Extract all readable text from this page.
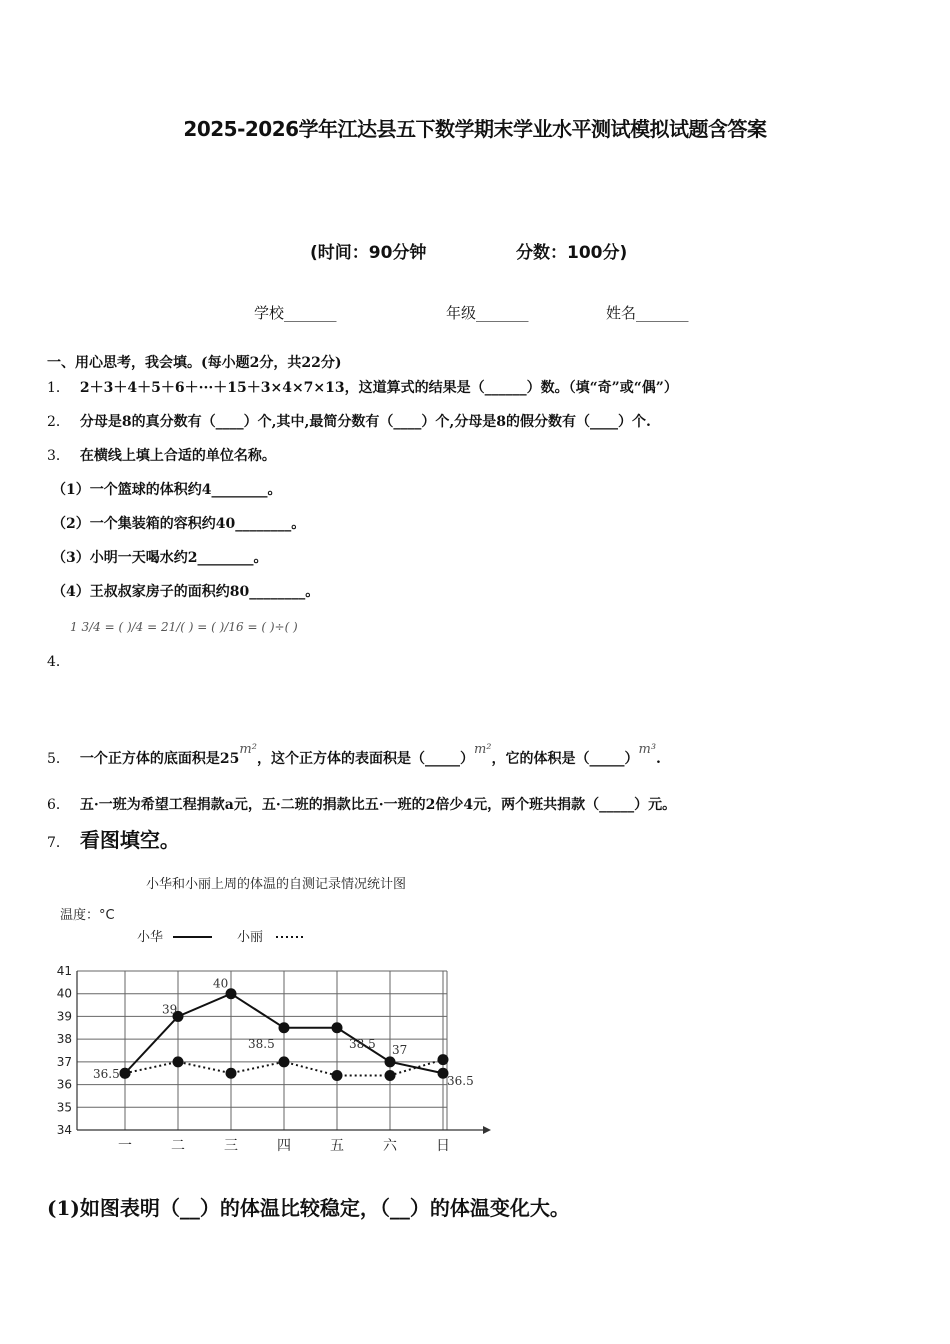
2025-2026学年江达县五下数学期末学业水平测试模拟试题含答案
(时间：90分钟	分数：100分)
学校_______	年级_______	姓名_______
一、用心思考，我会填。(每小题2分，共22分)
1． 2＋3＋4＋5＋6＋···＋15＋3×4×7×13，这道算式的结果是（______）数。（填“奇”或“偶”）
2． 分母是8的真分数有（____）个,其中,最简分数有（____）个,分母是8的假分数有（____）个.
3． 在横线上填上合适的单位名称。
（1）一个篮球的体积约4________。
（2）一个集装箱的容积约40________。
（3）小明一天喝水约2________。
（4）王叔叔家房子的面积约80________。
1 3/4 = ( )/4 = 21/( ) = ( )/16 = ( )÷( )
4．
5． 一个正方体的底面积是25m²，这个正方体的表面积是（_____）m²，它的体积是（_____）m³.
6． 五·一班为希望工程捐款a元，五·二班的捐款比五·一班的2倍少4元，两个班共捐款（_____）元。
7． 看图填空。
小华和小丽上周的体温的自测记录情况统计图
温度：°C
小华	小丽
34
35
36
37
38
39
40
41
一	二	三	四	五	六	日
36.5
39
40
38.5	38.5 37
36.5
(1)如图表明（__）的体温比较稳定，（__）的体温变化大。
